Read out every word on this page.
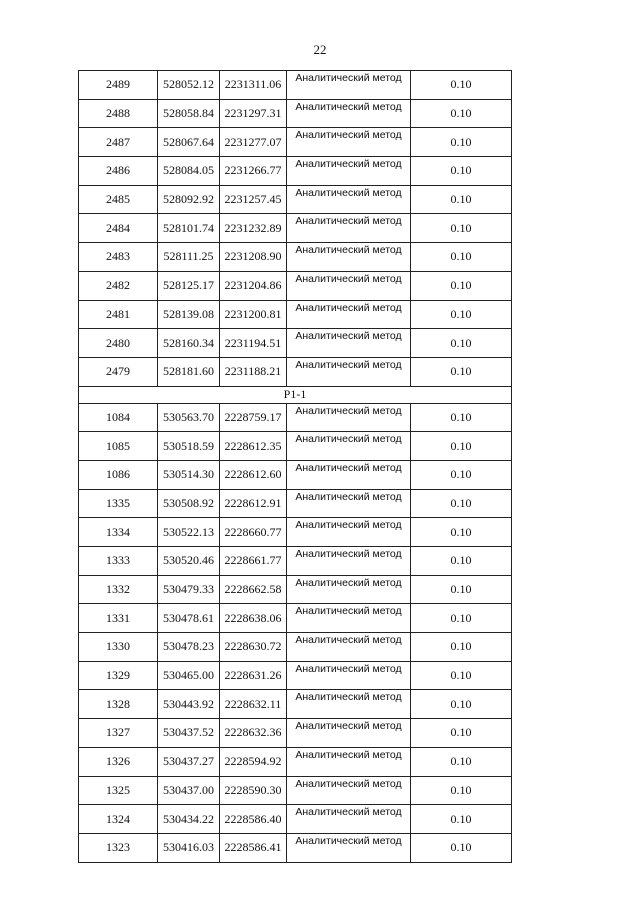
22
2489	528052.12	2231311.06	Аналитический метод	0.10
2488	528058.84	2231297.31	Аналитический метод	0.10
2487	528067.64	2231277.07	Аналитический метод	0.10
2486	528084.05	2231266.77	Аналитический метод	0.10
2485	528092.92	2231257.45	Аналитический метод	0.10
2484	528101.74	2231232.89	Аналитический метод	0.10
2483	528111.25	2231208.90	Аналитический метод	0.10
2482	528125.17	2231204.86	Аналитический метод	0.10
2481	528139.08	2231200.81	Аналитический метод	0.10
2480	528160.34	2231194.51	Аналитический метод	0.10
2479	528181.60	2231188.21	Аналитический метод	0.10
Р1-1				
1084	530563.70	2228759.17	Аналитический метод	0.10
1085	530518.59	2228612.35	Аналитический метод	0.10
1086	530514.30	2228612.60	Аналитический метод	0.10
1335	530508.92	2228612.91	Аналитический метод	0.10
1334	530522.13	2228660.77	Аналитический метод	0.10
1333	530520.46	2228661.77	Аналитический метод	0.10
1332	530479.33	2228662.58	Аналитический метод	0.10
1331	530478.61	2228638.06	Аналитический метод	0.10
1330	530478.23	2228630.72	Аналитический метод	0.10
1329	530465.00	2228631.26	Аналитический метод	0.10
1328	530443.92	2228632.11	Аналитический метод	0.10
1327	530437.52	2228632.36	Аналитический метод	0.10
1326	530437.27	2228594.92	Аналитический метод	0.10
1325	530437.00	2228590.30	Аналитический метод	0.10
1324	530434.22	2228586.40	Аналитический метод	0.10
1323	530416.03	2228586.41	Аналитический метод	0.10
